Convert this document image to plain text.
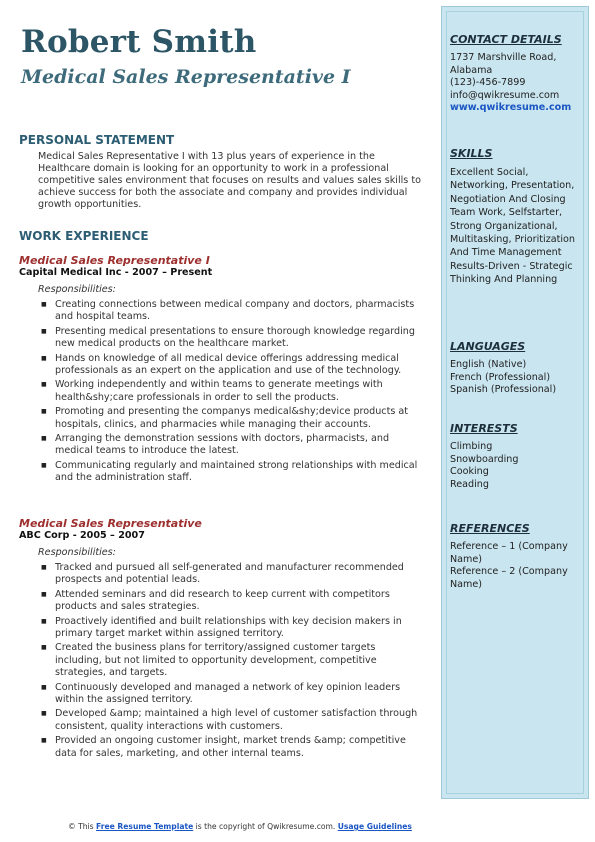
Robert Smith
Medical Sales Representative I
PERSONAL STATEMENT
Medical Sales Representative I with 13 plus years of experience in the Healthcare domain is looking for an opportunity to work in a professional competitive sales environment that focuses on results and values sales skills to achieve success for both the associate and company and provides individual growth opportunities.
WORK EXPERIENCE
Medical Sales Representative I
Capital Medical Inc - 2007 – Present
Responsibilities:
■ Creating connections between medical company and doctors, pharmacists and hospital teams.
■ Presenting medical presentations to ensure thorough knowledge regarding new medical products on the healthcare market.
■ Hands on knowledge of all medical device offerings addressing medical professionals as an expert on the application and use of the technology.
■ Working independently and within teams to generate meetings with health&shy;care professionals in order to sell the products.
■ Promoting and presenting the companys medical&shy;device products at hospitals, clinics, and pharmacies while managing their accounts.
■ Arranging the demonstration sessions with doctors, pharmacists, and medical teams to introduce the latest.
■ Communicating regularly and maintained strong relationships with medical and the administration staff.
Medical Sales Representative
ABC Corp - 2005 – 2007
Responsibilities:
■ Tracked and pursued all self-generated and manufacturer recommended prospects and potential leads.
■ Attended seminars and did research to keep current with competitors products and sales strategies.
■ Proactively identified and built relationships with key decision makers in primary target market within assigned territory.
■ Created the business plans for territory/assigned customer targets including, but not limited to opportunity development, competitive strategies, and targets.
■ Continuously developed and managed a network of key opinion leaders within the assigned territory.
■ Developed &amp; maintained a high level of customer satisfaction through consistent, quality interactions with customers.
■ Provided an ongoing customer insight, market trends &amp; competitive data for sales, marketing, and other internal teams.
CONTACT DETAILS
1737 Marshville Road,
Alabama
(123)-456-7899
info@qwikresume.com
www.qwikresume.com
SKILLS
Excellent Social, Networking, Presentation, Negotiation And Closing Team Work, Selfstarter, Strong Organizational, Multitasking, Prioritization And Time Management Results-Driven - Strategic Thinking And Planning
LANGUAGES
English (Native)
French (Professional)
Spanish (Professional)
INTERESTS
Climbing
Snowboarding
Cooking
Reading
REFERENCES
Reference – 1 (Company Name)
Reference – 2 (Company Name)
© This Free Resume Template is the copyright of Qwikresume.com. Usage Guidelines
